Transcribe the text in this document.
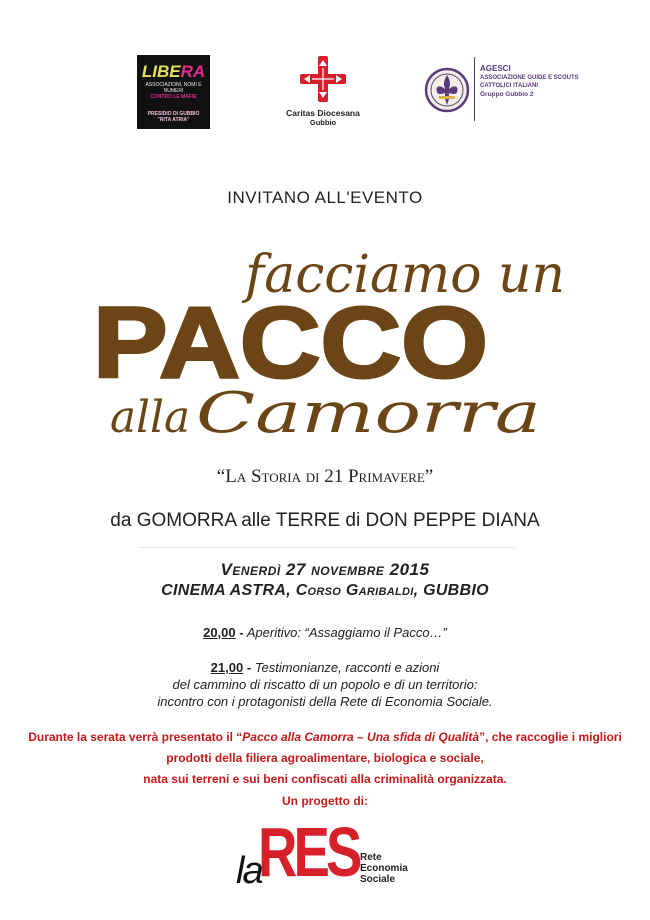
LIBERA
ASSOCIAZIONI, NOMI E NUMERI
CONTRO LE MAFIE
PRESIDIO DI GUBBIO
"RITA ATRIA"
Caritas Diocesana
Gubbio
AGESCI
ASSOCIAZIONE GUIDE E SCOUTS
CATTOLICI ITALIANI
Gruppo Gubbio 2
INVITANO ALL'EVENTO
facciamo un
PACCO
alla Camorra
“La Storia di 21 Primavere”
da GOMORRA alle TERRE di DON PEPPE DIANA
Venerdì 27 novembre 2015
CINEMA ASTRA, Corso Garibaldi, GUBBIO
20,00 - Aperitivo: “Assaggiamo il Pacco…”
21,00 - Testimonianze, racconti e azioni
del cammino di riscatto di un popolo e di un territorio:
incontro con i protagonisti della Rete di Economia Sociale.
Durante la serata verrà presentato il “Pacco alla Camorra – Una sfida di Qualità”, che raccoglie i migliori
prodotti della filiera agroalimentare, biologica e sociale,
nata sui terreni e sui beni confiscati alla criminalità organizzata.
Un progetto di:
RES
la	Rete
Economia
Sociale
